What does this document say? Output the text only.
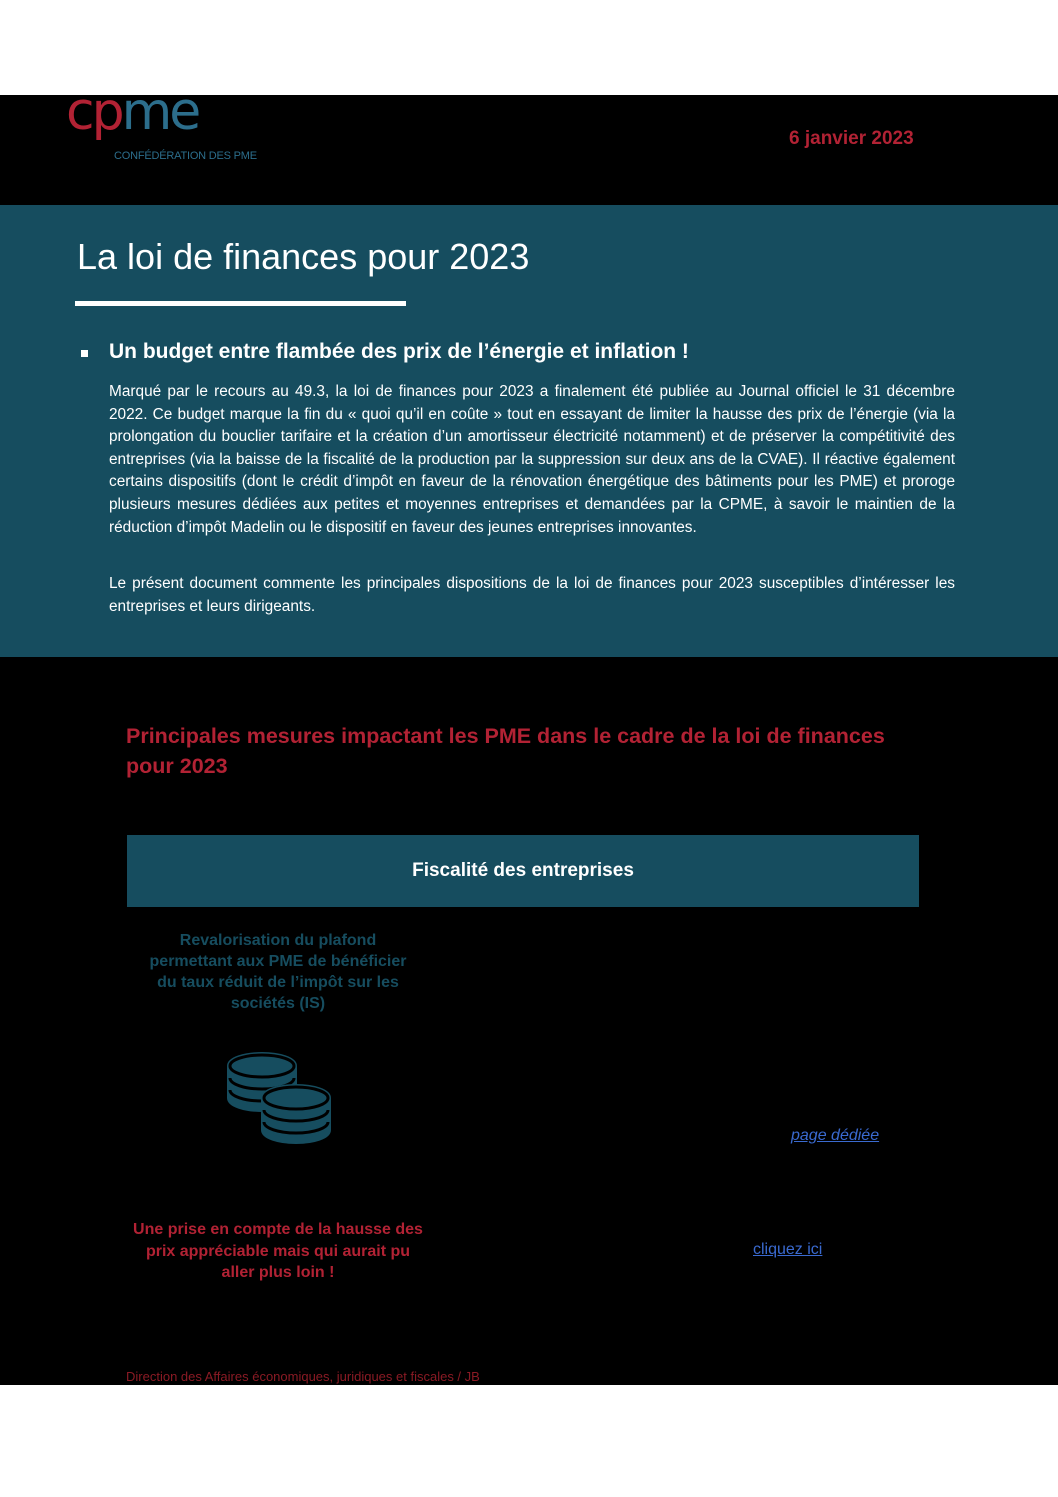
cpme
CONFÉDÉRATION DES PME
6 janvier 2023
La loi de finances pour 2023
Un budget entre flambée des prix de l’énergie et inflation !

Marqué par le recours au 49.3, la loi de finances pour 2023 a finalement été publiée au Journal officiel le 31 décembre 2022. Ce budget marque la fin du « quoi qu’il en coûte » tout en essayant de limiter la hausse des prix de l’énergie (via la prolongation du bouclier tarifaire et la création d’un amortisseur électricité notamment) et de préserver la compétitivité des entreprises (via la baisse de la fiscalité de la production par la suppression sur deux ans de la CVAE). Il réactive également certains dispositifs (dont le crédit d’impôt en faveur de la rénovation énergétique des bâtiments pour les PME) et proroge plusieurs mesures dédiées aux petites et moyennes entreprises et demandées par la CPME, à savoir le maintien de la réduction d’impôt Madelin ou le dispositif en faveur des jeunes entreprises innovantes.

Le présent document commente les principales dispositions de la loi de finances pour 2023 susceptibles d’intéresser les entreprises et leurs dirigeants.

Principales mesures impactant les PME dans le cadre de la loi de finances pour 2023

Fiscalité des entreprises

Revalorisation du plafond permettant aux PME de bénéficier du taux réduit de l’impôt sur les sociétés (IS)

page dédiée

Une prise en compte de la hausse des prix appréciable mais qui aurait pu aller plus loin !

cliquez ici
Direction des Affaires économiques, juridiques et fiscales / JB
